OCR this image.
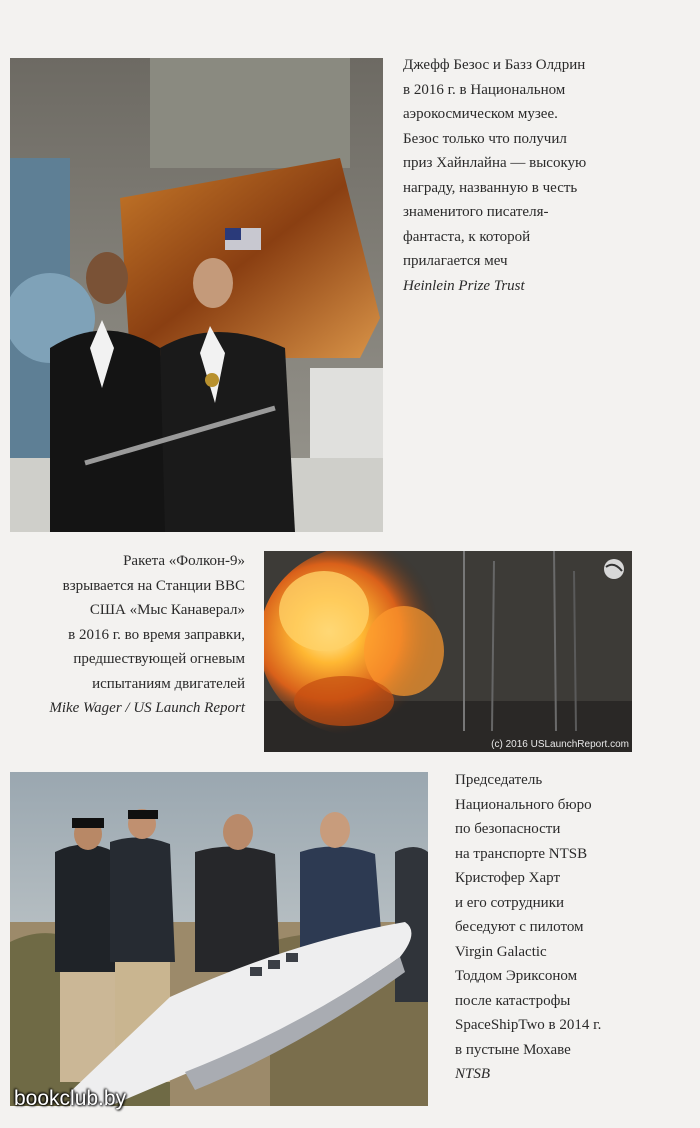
Джефф Безос и Базз Олдрин
в 2016 г. в Национальном
аэрокосмическом музее.
Безос только что получил
приз Хайнлайна — высокую
награду, названную в честь
знаменитого писателя-
фантаста, к которой
прилагается меч
Heinlein Prize Trust
Ракета «Фолкон-9»
взрывается на Станции ВВС
США «Мыс Канаверал»
в 2016 г. во время заправки,
предшествующей огневым
испытаниям двигателей
Mike Wager / US Launch Report
(c) 2016 USLaunchReport.com
Председатель
Национального бюро
по безопасности
на транспорте NTSB
Кристофер Харт
и его сотрудники
беседуют с пилотом
Virgin Galactic
Тоддом Эриксоном
после катастрофы
SpaceShipTwo в 2014 г.
в пустыне Мохаве
NTSB
bookclub.by
